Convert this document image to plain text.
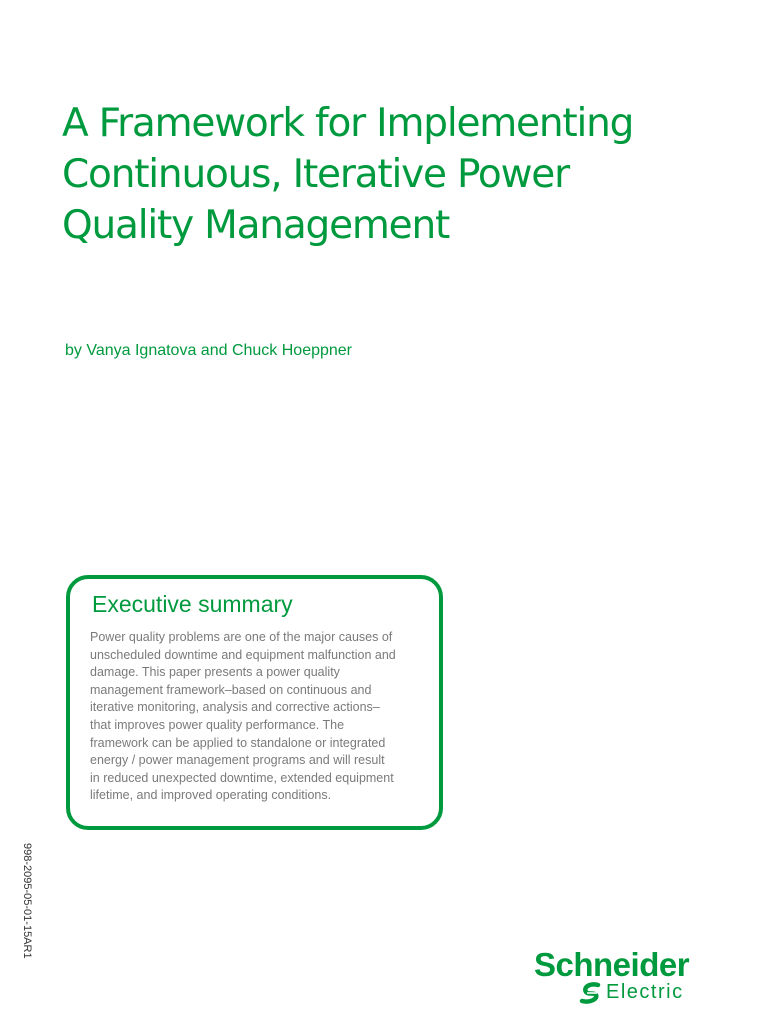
A Framework for Implementing
Continuous, Iterative Power
Quality Management
by Vanya Ignatova and Chuck Hoeppner
Executive summary
Power quality problems are one of the major causes of
unscheduled downtime and equipment malfunction and
damage. This paper presents a power quality
management framework–based on continuous and
iterative monitoring, analysis and corrective actions–
that improves power quality performance. The
framework can be applied to standalone or integrated
energy / power management programs and will result
in reduced unexpected downtime, extended equipment
lifetime, and improved operating conditions.
998-2095-05-01-15AR1
Schneider
Electric
